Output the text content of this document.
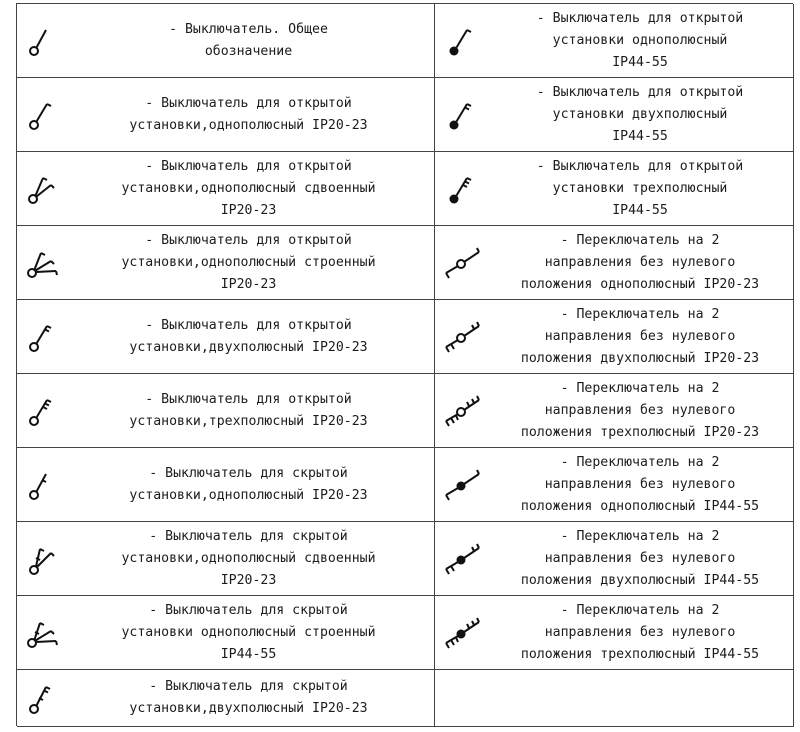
- Выключатель. Общее
обозначение
- Выключатель для открытой
установки однополюсный
IP44-55
- Выключатель для открытой
установки,однополюсный IP20-23
- Выключатель для открытой
установки двухполюсный
IP44-55
- Выключатель для открытой
установки,однополюсный сдвоенный
IP20-23
- Выключатель для открытой
установки трехполюсный
IP44-55
- Выключатель для открытой
установки,однополюсный строенный
IP20-23
- Переключатель на 2
направления без нулевого
положения однополюсный IP20-23
- Выключатель для открытой
установки,двухполюсный IP20-23
- Переключатель на 2
направления без нулевого
положения двухполюсный IP20-23
- Выключатель для открытой
установки,трехполюсный IP20-23
- Переключатель на 2
направления без нулевого
положения трехполюсный IP20-23
- Выключатель для скрытой
установки,однополюсный IP20-23
- Переключатель на 2
направления без нулевого
положения однополюсный IP44-55
- Выключатель для скрытой
установки,однополюсный сдвоенный
IP20-23
- Переключатель на 2
направления без нулевого
положения двухполюсный IP44-55
- Выключатель для скрытой
установки однополюсный строенный
IP44-55
- Переключатель на 2
направления без нулевого
положения трехполюсный IP44-55
- Выключатель для скрытой
установки,двухполюсный IP20-23
